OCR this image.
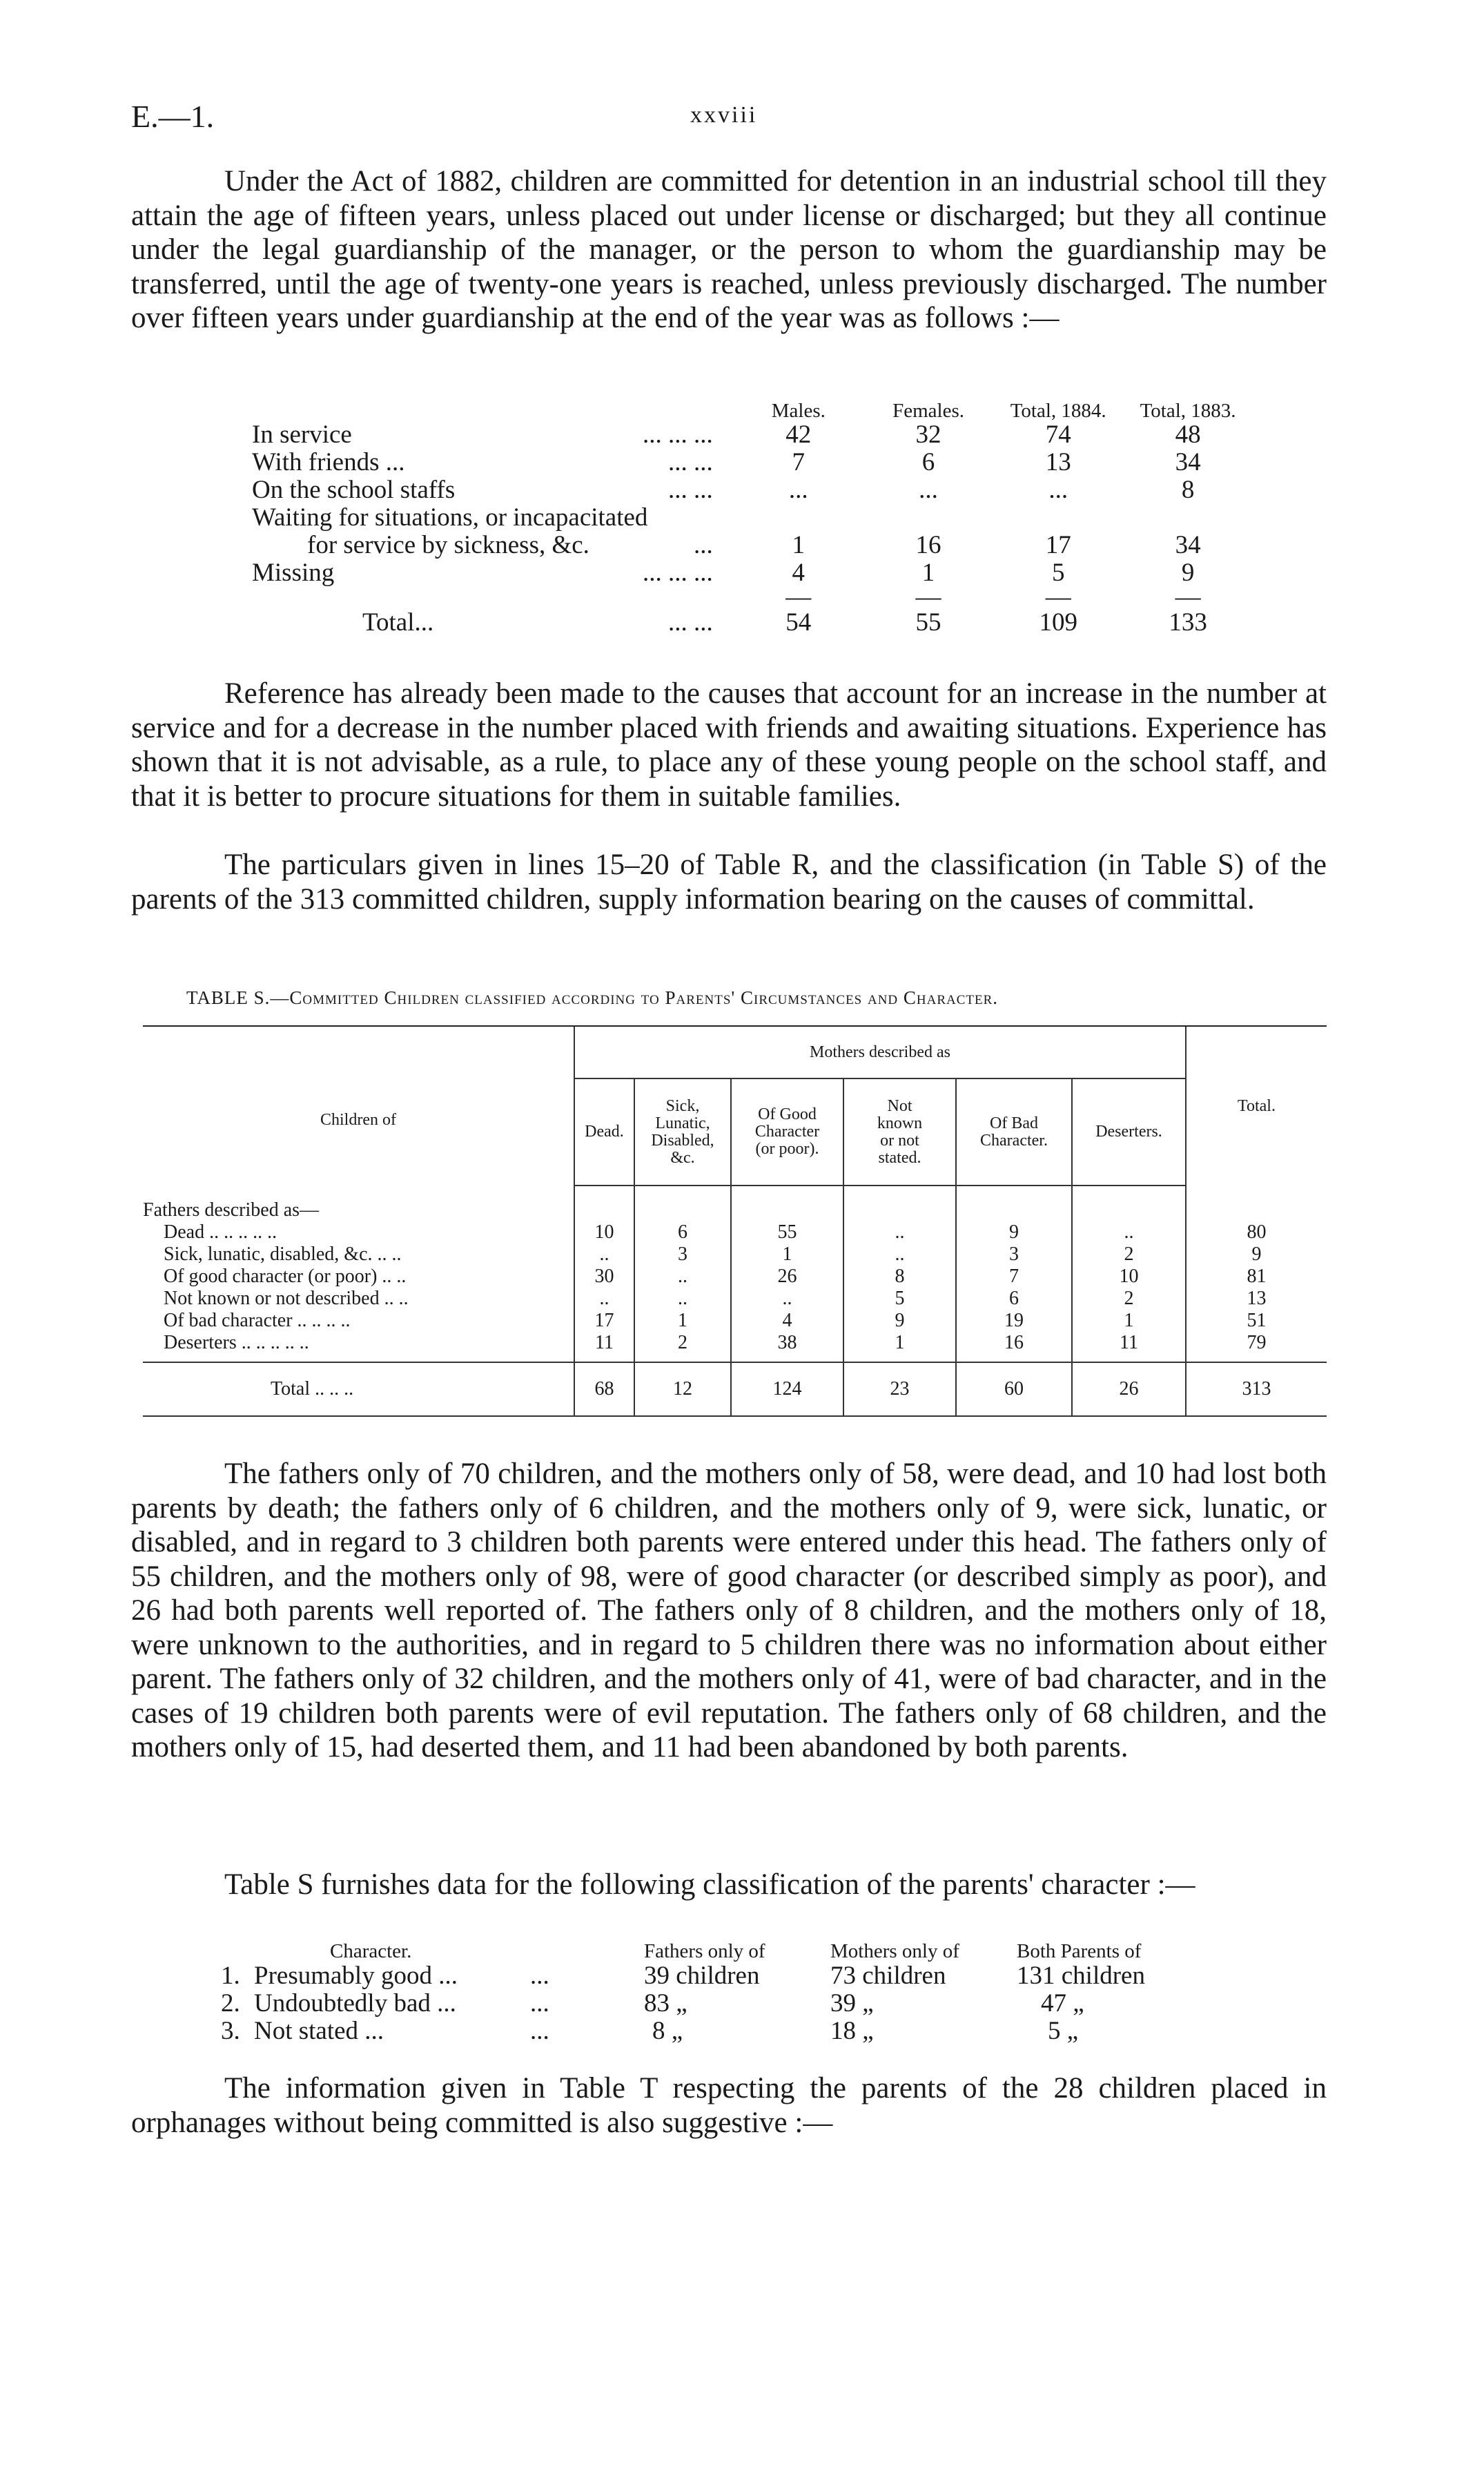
E.—1.	xxviii

Under the Act of 1882, children are committed for detention in an industrial school till they attain the age of fifteen years, unless placed out under license or discharged; but they all continue under the legal guardianship of the manager, or the person to whom the guardianship may be transferred, until the age of twenty-one years is reached, unless previously discharged. The number over fifteen years under guardianship at the end of the year was as follows :—

	Males.	Females.	Total, 1884.	Total, 1883.
In service ... ... ...	42	32	74	48
With friends ... ... ...	7	6	13	34
On the school staffs ... ...	...	...	...	8
Waiting for situations, or incapacitated				
for service by sickness, &c. ...	1	16	17	34
Missing ... ... ...	4	1	5	9
	—	—	—	—
Total... ... ...	54	55	109	133

Reference has already been made to the causes that account for an increase in the number at service and for a decrease in the number placed with friends and awaiting situations. Experience has shown that it is not advisable, as a rule, to place any of these young people on the school staff, and that it is better to procure situations for them in suitable families.

The particulars given in lines 15–20 of Table R, and the classification (in Table S) of the parents of the 313 committed children, supply information bearing on the causes of committal.

TABLE S.—Committed Children classified according to Parents' Circumstances and Character.

Children of	Mothers described as						Total.
	Dead.	Sick, Lunatic, Disabled, &c.	Of Good Character (or poor).	Not known or not stated.	Of Bad Character.	Deserters.	

Fathers described as—							
Dead .. .. .. .. ..	10	6	55	..	9	..	80
Sick, lunatic, disabled, &c. .. ..	..	3	1	..	3	2	9
Of good character (or poor) .. ..	30	..	26	8	7	10	81
Not known or not described .. ..	..	..	..	5	6	2	13
Of bad character .. .. .. ..	17	1	4	9	19	1	51
Deserters .. .. .. .. ..	11	2	38	1	16	11	79

Total .. .. ..	68	12	124	23	60	26	313

The fathers only of 70 children, and the mothers only of 58, were dead, and 10 had lost both parents by death; the fathers only of 6 children, and the mothers only of 9, were sick, lunatic, or disabled, and in regard to 3 children both parents were entered under this head. The fathers only of 55 children, and the mothers only of 98, were of good character (or described simply as poor), and 26 had both parents well reported of. The fathers only of 8 children, and the mothers only of 18, were unknown to the authorities, and in regard to 5 children there was no information about either parent. The fathers only of 32 children, and the mothers only of 41, were of bad character, and in the cases of 19 children both parents were of evil reputation. The fathers only of 68 children, and the mothers only of 15, had deserted them, and 11 had been abandoned by both parents.

Table S furnishes data for the following classification of the parents' character :—

	Character.		Fathers only of	Mothers only of	Both Parents of
1.	Presumably good ...	...	39 children	73 children	131 children
2.	Undoubtedly bad ...	...	83 „	39 „	47 „
3.	Not stated ...	...	8 „	18 „	5 „

The information given in Table T respecting the parents of the 28 children placed in orphanages without being committed is also suggestive :—
